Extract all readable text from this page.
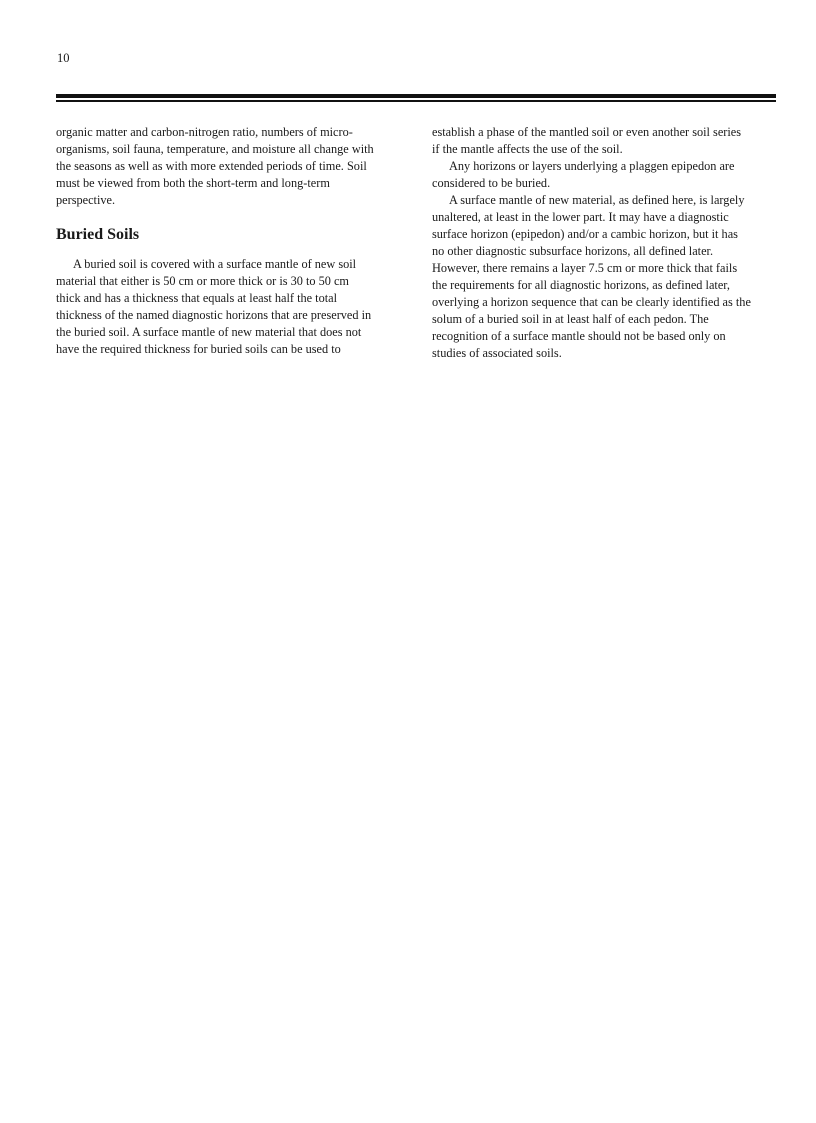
10
organic matter and carbon-nitrogen ratio, numbers of micro-
organisms, soil fauna, temperature, and moisture all change with
the seasons as well as with more extended periods of time. Soil
must be viewed from both the short-term and long-term
perspective.
Buried Soils
A buried soil is covered with a surface mantle of new soil
material that either is 50 cm or more thick or is 30 to 50 cm
thick and has a thickness that equals at least half the total
thickness of the named diagnostic horizons that are preserved in
the buried soil. A surface mantle of new material that does not
have the required thickness for buried soils can be used to
establish a phase of the mantled soil or even another soil series
if the mantle affects the use of the soil.
Any horizons or layers underlying a plaggen epipedon are
considered to be buried.
A surface mantle of new material, as defined here, is largely
unaltered, at least in the lower part. It may have a diagnostic
surface horizon (epipedon) and/or a cambic horizon, but it has
no other diagnostic subsurface horizons, all defined later.
However, there remains a layer 7.5 cm or more thick that fails
the requirements for all diagnostic horizons, as defined later,
overlying a horizon sequence that can be clearly identified as the
solum of a buried soil in at least half of each pedon. The
recognition of a surface mantle should not be based only on
studies of associated soils.
